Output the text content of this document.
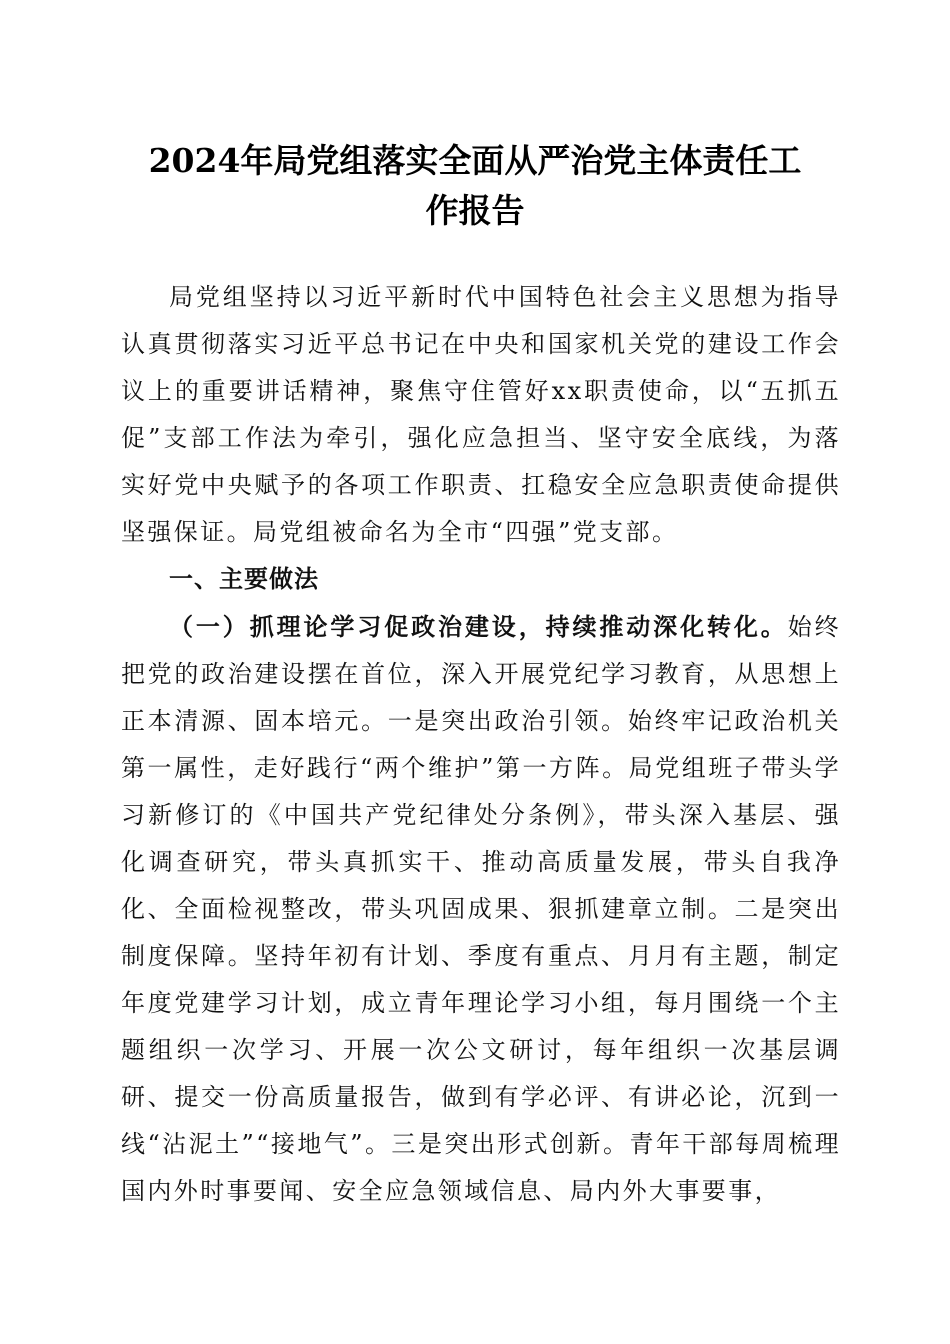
2024年局党组落实全面从严治党主体责任工
作报告

局党组坚持以习近平新时代中国特色社会主义思想为指导认真贯彻落实习近平总书记在中央和国家机关党的建设工作会议上的重要讲话精神，聚焦守住管好xx职责使命，以“五抓五促”支部工作法为牵引，强化应急担当、坚守安全底线，为落实好党中央赋予的各项工作职责、扛稳安全应急职责使命提供坚强保证。局党组被命名为全市“四强”党支部。

一、主要做法

（一）抓理论学习促政治建设，持续推动深化转化。始终把党的政治建设摆在首位，深入开展党纪学习教育，从思想上正本清源、固本培元。一是突出政治引领。始终牢记政治机关第一属性，走好践行“两个维护”第一方阵。局党组班子带头学习新修订的《中国共产党纪律处分条例》，带头深入基层、强化调查研究，带头真抓实干、推动高质量发展，带头自我净化、全面检视整改，带头巩固成果、狠抓建章立制。二是突出制度保障。坚持年初有计划、季度有重点、月月有主题，制定年度党建学习计划，成立青年理论学习小组，每月围绕一个主题组织一次学习、开展一次公文研讨，每年组织一次基层调研、提交一份高质量报告，做到有学必评、有讲必论，沉到一线“沾泥土”“接地气”。三是突出形式创新。青年干部每周梳理国内外时事要闻、安全应急领域信息、局内外大事要事，
